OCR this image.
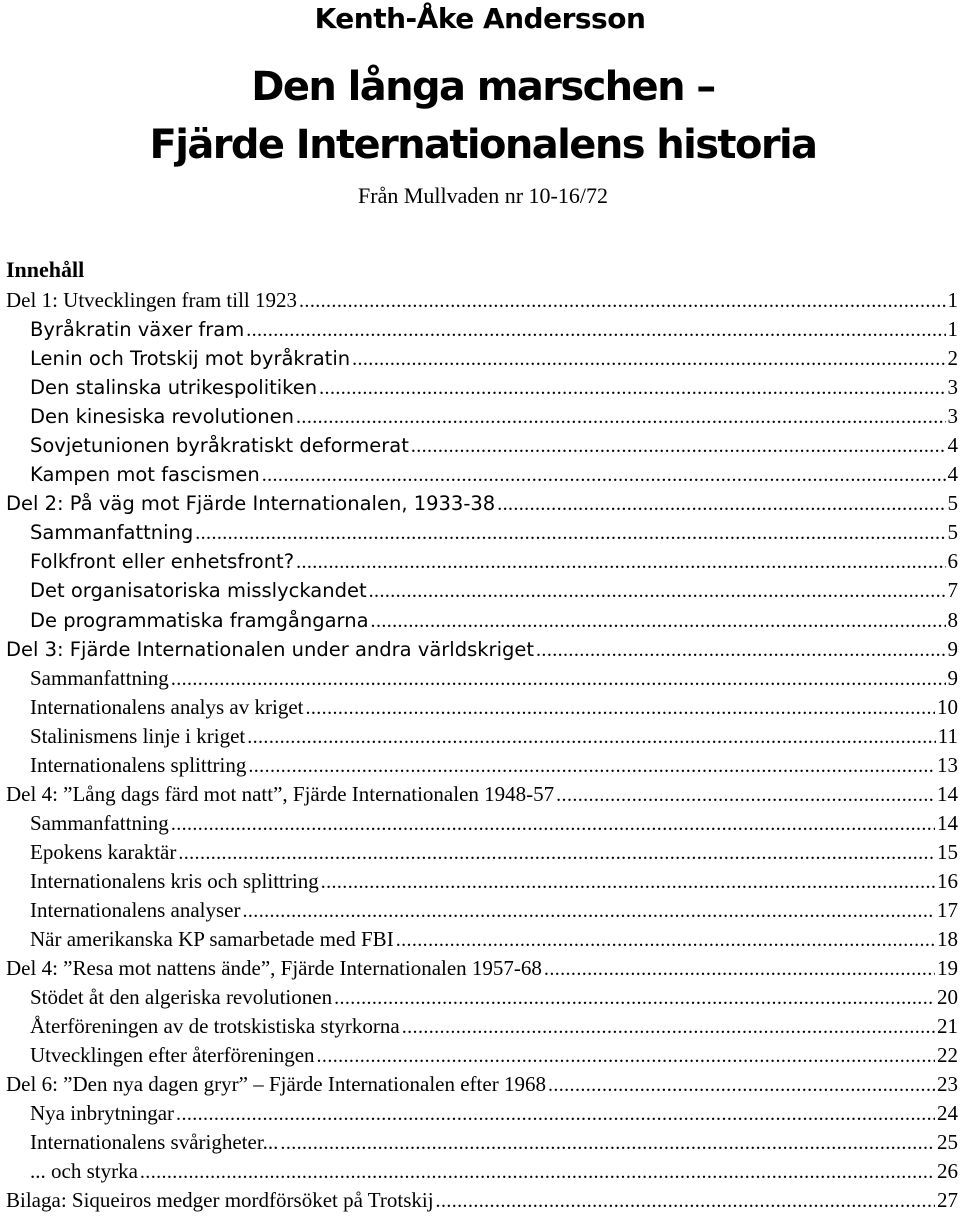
Kenth-Åke Andersson
Den långa marschen –
Fjärde Internationalens historia
Från Mullvaden nr 10-16/72
Innehåll
Del 1: Utvecklingen fram till 1923 .....	1
Byråkratin växer fram .....	1
Lenin och Trotskij mot byråkratin .....	2
Den stalinska utrikespolitiken .....	3
Den kinesiska revolutionen .....	3
Sovjetunionen byråkratiskt deformerat .....	4
Kampen mot fascismen .....	4
Del 2: På väg mot Fjärde Internationalen, 1933-38 .....	5
Sammanfattning .....	5
Folkfront eller enhetsfront? .....	6
Det organisatoriska misslyckandet .....	7
De programmatiska framgångarna .....	8
Del 3: Fjärde Internationalen under andra världskriget .....	9
Sammanfattning .....	9
Internationalens analys av kriget .....	10
Stalinismens linje i kriget .....	11
Internationalens splittring .....	13
Del 4: ”Lång dags färd mot natt”, Fjärde Internationalen 1948-57 .....	14
Sammanfattning .....	14
Epokens karaktär .....	15
Internationalens kris och splittring .....	16
Internationalens analyser .....	17
När amerikanska KP samarbetade med FBI .....	18
Del 4: ”Resa mot nattens ände”, Fjärde Internationalen 1957-68 .....	19
Stödet åt den algeriska revolutionen .....	20
Återföreningen av de trotskistiska styrkorna .....	21
Utvecklingen efter återföreningen .....	22
Del 6: ”Den nya dagen gryr” – Fjärde Internationalen efter 1968 .....	23
Nya inbrytningar .....	24
Internationalens svårigheter... .....	25
... och styrka .....	26
Bilaga: Siqueiros medger mordförsöket på Trotskij .....	27
